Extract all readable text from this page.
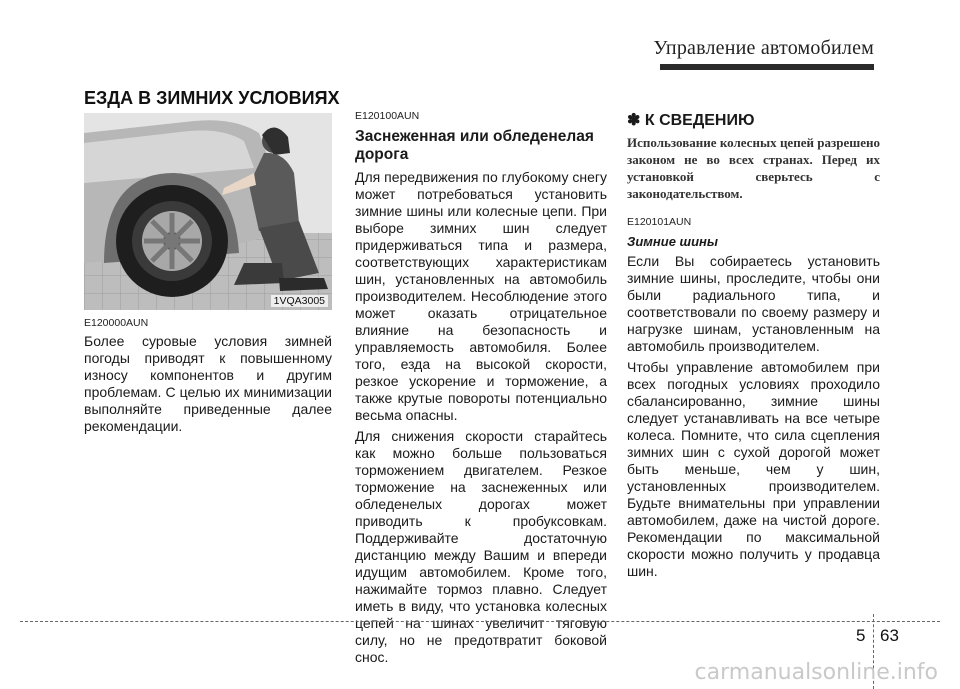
Управление автомобилем
ЕЗДА В ЗИМНИХ УСЛОВИЯХ
1VQA3005

E120000AUN

Более суровые условия зимней погоды приводят к повышенному износу компонентов и другим проблемам. С целью их минимизации выполняйте приведенные далее рекомендации.

E120100AUN

Заснеженная или обледенелая дорога

Для передвижения по глубокому снегу может потребоваться установить зимние шины или колесные цепи. При выборе зимних шин следует придерживаться типа и размера, соответствующих характеристикам шин, установленных на автомобиль производителем. Несоблюдение этого может оказать отрицательное влияние на безопасность и управляемость автомобиля. Более того, езда на высокой скорости, резкое ускорение и торможение, а также крутые повороты потенциально весьма опасны.

Для снижения скорости старайтесь как можно больше пользоваться торможением двигателем. Резкое торможение на заснеженных или обледенелых дорогах может приводить к пробуксовкам. Поддерживайте достаточную дистанцию между Вашим и впереди идущим автомобилем. Кроме того, нажимайте тормоз плавно. Следует иметь в виду, что установка колесных цепей на шинах увеличит тяговую силу, но не предотвратит боковой снос.

✽ К СВЕДЕНИЮ

Использование колесных цепей разрешено законом не во всех странах. Перед их установкой сверьтесь с законодательством.

E120101AUN

Зимние шины

Если Вы собираетесь установить зимние шины, проследите, чтобы они были радиального типа, и соответствовали по своему размеру и нагрузке шинам, установленным на автомобиль производителем.

Чтобы управление автомобилем при всех погодных условиях проходило сбалансированно, зимние шины следует устанавливать на все четыре колеса. Помните, что сила сцепления зимних шин с сухой дорогой может быть меньше, чем у шин, установленных производителем. Будьте внимательны при управлении автомобилем, даже на чистой дороге. Рекомендации по максимальной скорости можно получить у продавца шин.

5 63
carmanualsonline.info
